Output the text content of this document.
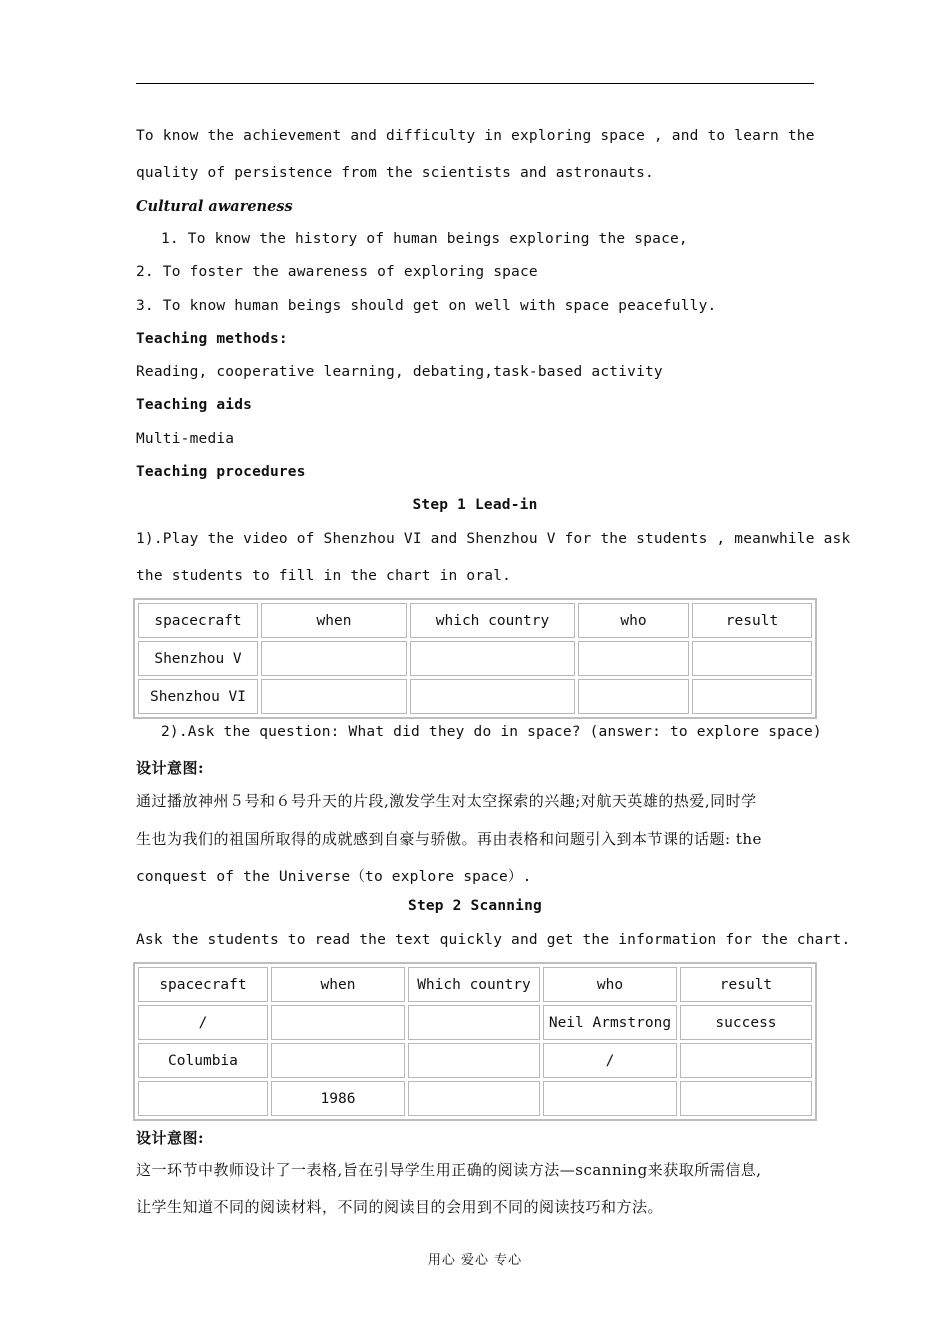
To know the achievement and difficulty in exploring space , and to learn the
quality of persistence from the scientists and astronauts.
Cultural awareness
1. To know the history of human beings exploring the space,
2. To foster the awareness of exploring space
3. To know human beings should get on well with space peacefully.
Teaching methods:
Reading, cooperative learning, debating,task-based activity
Teaching aids
Multi-media
Teaching procedures
Step 1 Lead-in
1).Play the video of Shenzhou VI and Shenzhou V for the students , meanwhile ask
the students to fill in the chart in oral.
spacecraft	when	which country	who	result
Shenzhou V				
Shenzhou VI				
2).Ask the question: What did they do in space? (answer: to explore space)
设计意图:
通过播放神州５号和６号升天的片段,激发学生对太空探索的兴趣;对航天英雄的热爱,同时学
生也为我们的祖国所取得的成就感到自豪与骄傲。再由表格和问题引入到本节课的话题: the
conquest of the Universe（to explore space）.
Step 2 Scanning
Ask the students to read the text quickly and get the information for the chart.
spacecraft	when	Which country	who	result
/			Neil Armstrong	success
Columbia			/	
	1986			
设计意图:
这一环节中教师设计了一表格,旨在引导学生用正确的阅读方法—scanning来获取所需信息,
让学生知道不同的阅读材料，不同的阅读目的会用到不同的阅读技巧和方法。
用心 爱心 专心
